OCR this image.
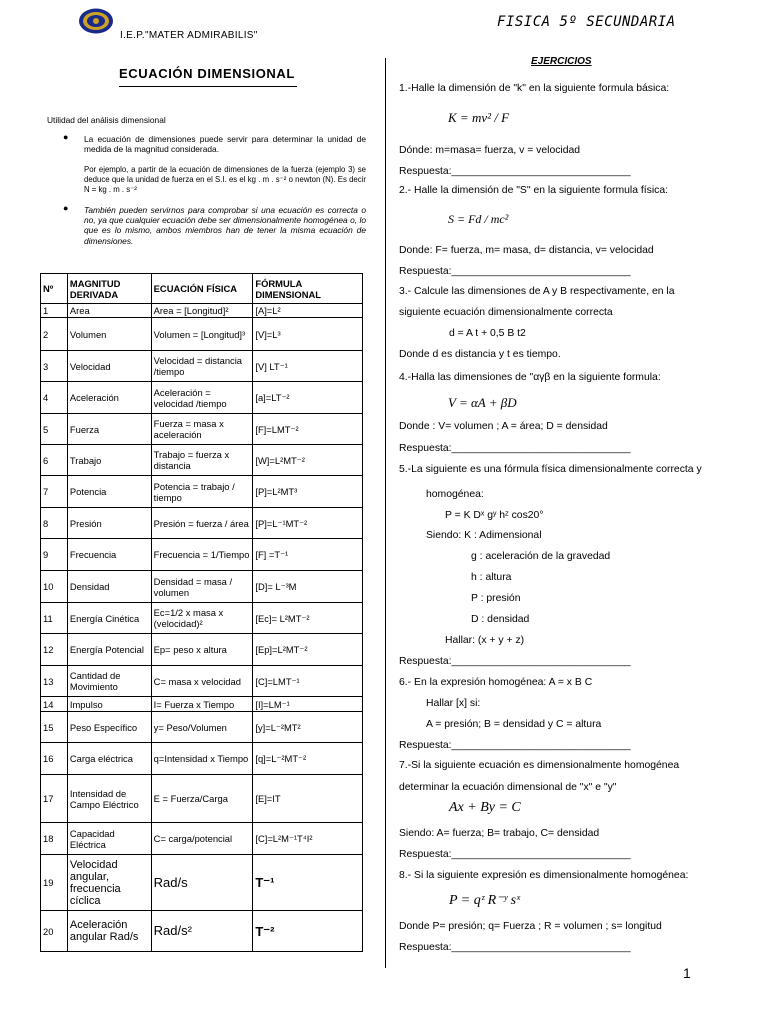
I.E.P."MATER ADMIRABILIS"
FISICA 5º SECUNDARIA
ECUACIÓN DIMENSIONAL
Utilidad del análisis dimensional
● La ecuación de dimensiones puede servir para determinar la unidad de medida de la magnitud considerada.
Por ejemplo, a partir de la ecuación de dimensiones de la fuerza (ejemplo 3) se deduce que la unidad de fuerza en el S.I. es el kg . m . s⁻² o newton (N). Es decir N = kg . m . s⁻²
● También pueden servirnos para comprobar si una ecuación es correcta o no, ya que cualquier ecuación debe ser dimensionalmente homogénea o, lo que es lo mismo, ambos miembros han de tener la misma ecuación de dimensiones.
Nº	MAGNITUD DERIVADA	ECUACIÓN FÍSICA	FÓRMULA DIMENSIONAL
1	Area	Area = [Longitud]²	[A]=L²
2	Volumen	Volumen = [Longitud]³	[V]=L³
3	Velocidad	Velocidad = distancia /tiempo	[V] LT⁻¹
4	Aceleración	Aceleración = velocidad /tiempo	[a]=LT⁻²
5	Fuerza	Fuerza = masa x aceleración	[F]=LMT⁻²
6	Trabajo	Trabajo = fuerza x distancia	[W]=L²MT⁻²
7	Potencia	Potencia = trabajo / tiempo	[P]=L²MT³
8	Presión	Presión = fuerza / área	[P]=L⁻¹MT⁻²
9	Frecuencia	Frecuencia = 1/Tiempo	[F] =T⁻¹
10	Densidad	Densidad = masa / volumen	[D]= L⁻³M
11	Energía Cinética	Ec=1/2 x masa x (velocidad)²	[Ec]= L²MT⁻²
12	Energía Potencial	Ep= peso x altura	[Ep]=L²MT⁻²
13	Cantidad de Movimiento	C= masa x velocidad	[C]=LMT⁻¹
14	Impulso	I= Fuerza x Tiempo	[I]=LM⁻¹
15	Peso Específico	y= Peso/Volumen	[y]=L⁻²MT²
16	Carga eléctrica	q=Intensidad x Tiempo	[q]=L⁻²MT⁻²
17	Intensidad de Campo Eléctrico	E = Fuerza/Carga	[E]=IT
18	Capacidad Eléctrica	C= carga/potencial	[C]=L²M⁻¹T⁴I²
19	Velocidad angular, frecuencia cíclica	Rad/s	T⁻¹
20	Aceleración angular Rad/s	Rad/s²	T⁻²
EJERCICIOS
1.-Halle la dimensión de "k" en la siguiente formula básica:
K = mv² / F
Dónde: m=masa= fuerza, v = velocidad
Respuesta:_______________________________
2.- Halle la dimensión de "S" en la siguiente formula física:
S = Fd / mc²
Donde: F= fuerza, m= masa, d= distancia, v= velocidad
Respuesta:_______________________________
3.- Calcule las dimensiones de A y B respectivamente, en la
siguiente ecuación dimensionalmente correcta
d = A t + 0,5 B t2
Donde d es distancia y t es tiempo.
4.-Halla las dimensiones de "αγβ en la siguiente formula:
V = αA + βD
Donde : V= volumen ; A = área; D = densidad
Respuesta:_______________________________
5.-La siguiente es una fórmula física dimensionalmente correcta y
homogénea:
P = K Dˣ gʸ hᶻ cos20°
Siendo: K : Adimensional
g : aceleración de la gravedad
h : altura
P : presión
D : densidad
Hallar: (x + y + z)
Respuesta:_______________________________
6.- En la expresión homogénea: A = x B C
Hallar [x] si:
A = presión; B = densidad y C = altura
Respuesta:_______________________________
7.-Si la siguiente ecuación es dimensionalmente homogénea
determinar la ecuación dimensional de "x" e "y"
Ax + By = C
Siendo: A= fuerza; B= trabajo, C= densidad
Respuesta:_______________________________
8.- Si la siguiente expresión es dimensionalmente homogénea:
P = qᶻ R⁻ʸ sˣ
Donde P= presión; q= Fuerza ; R = volumen ; s= longitud
Respuesta:_______________________________
1
